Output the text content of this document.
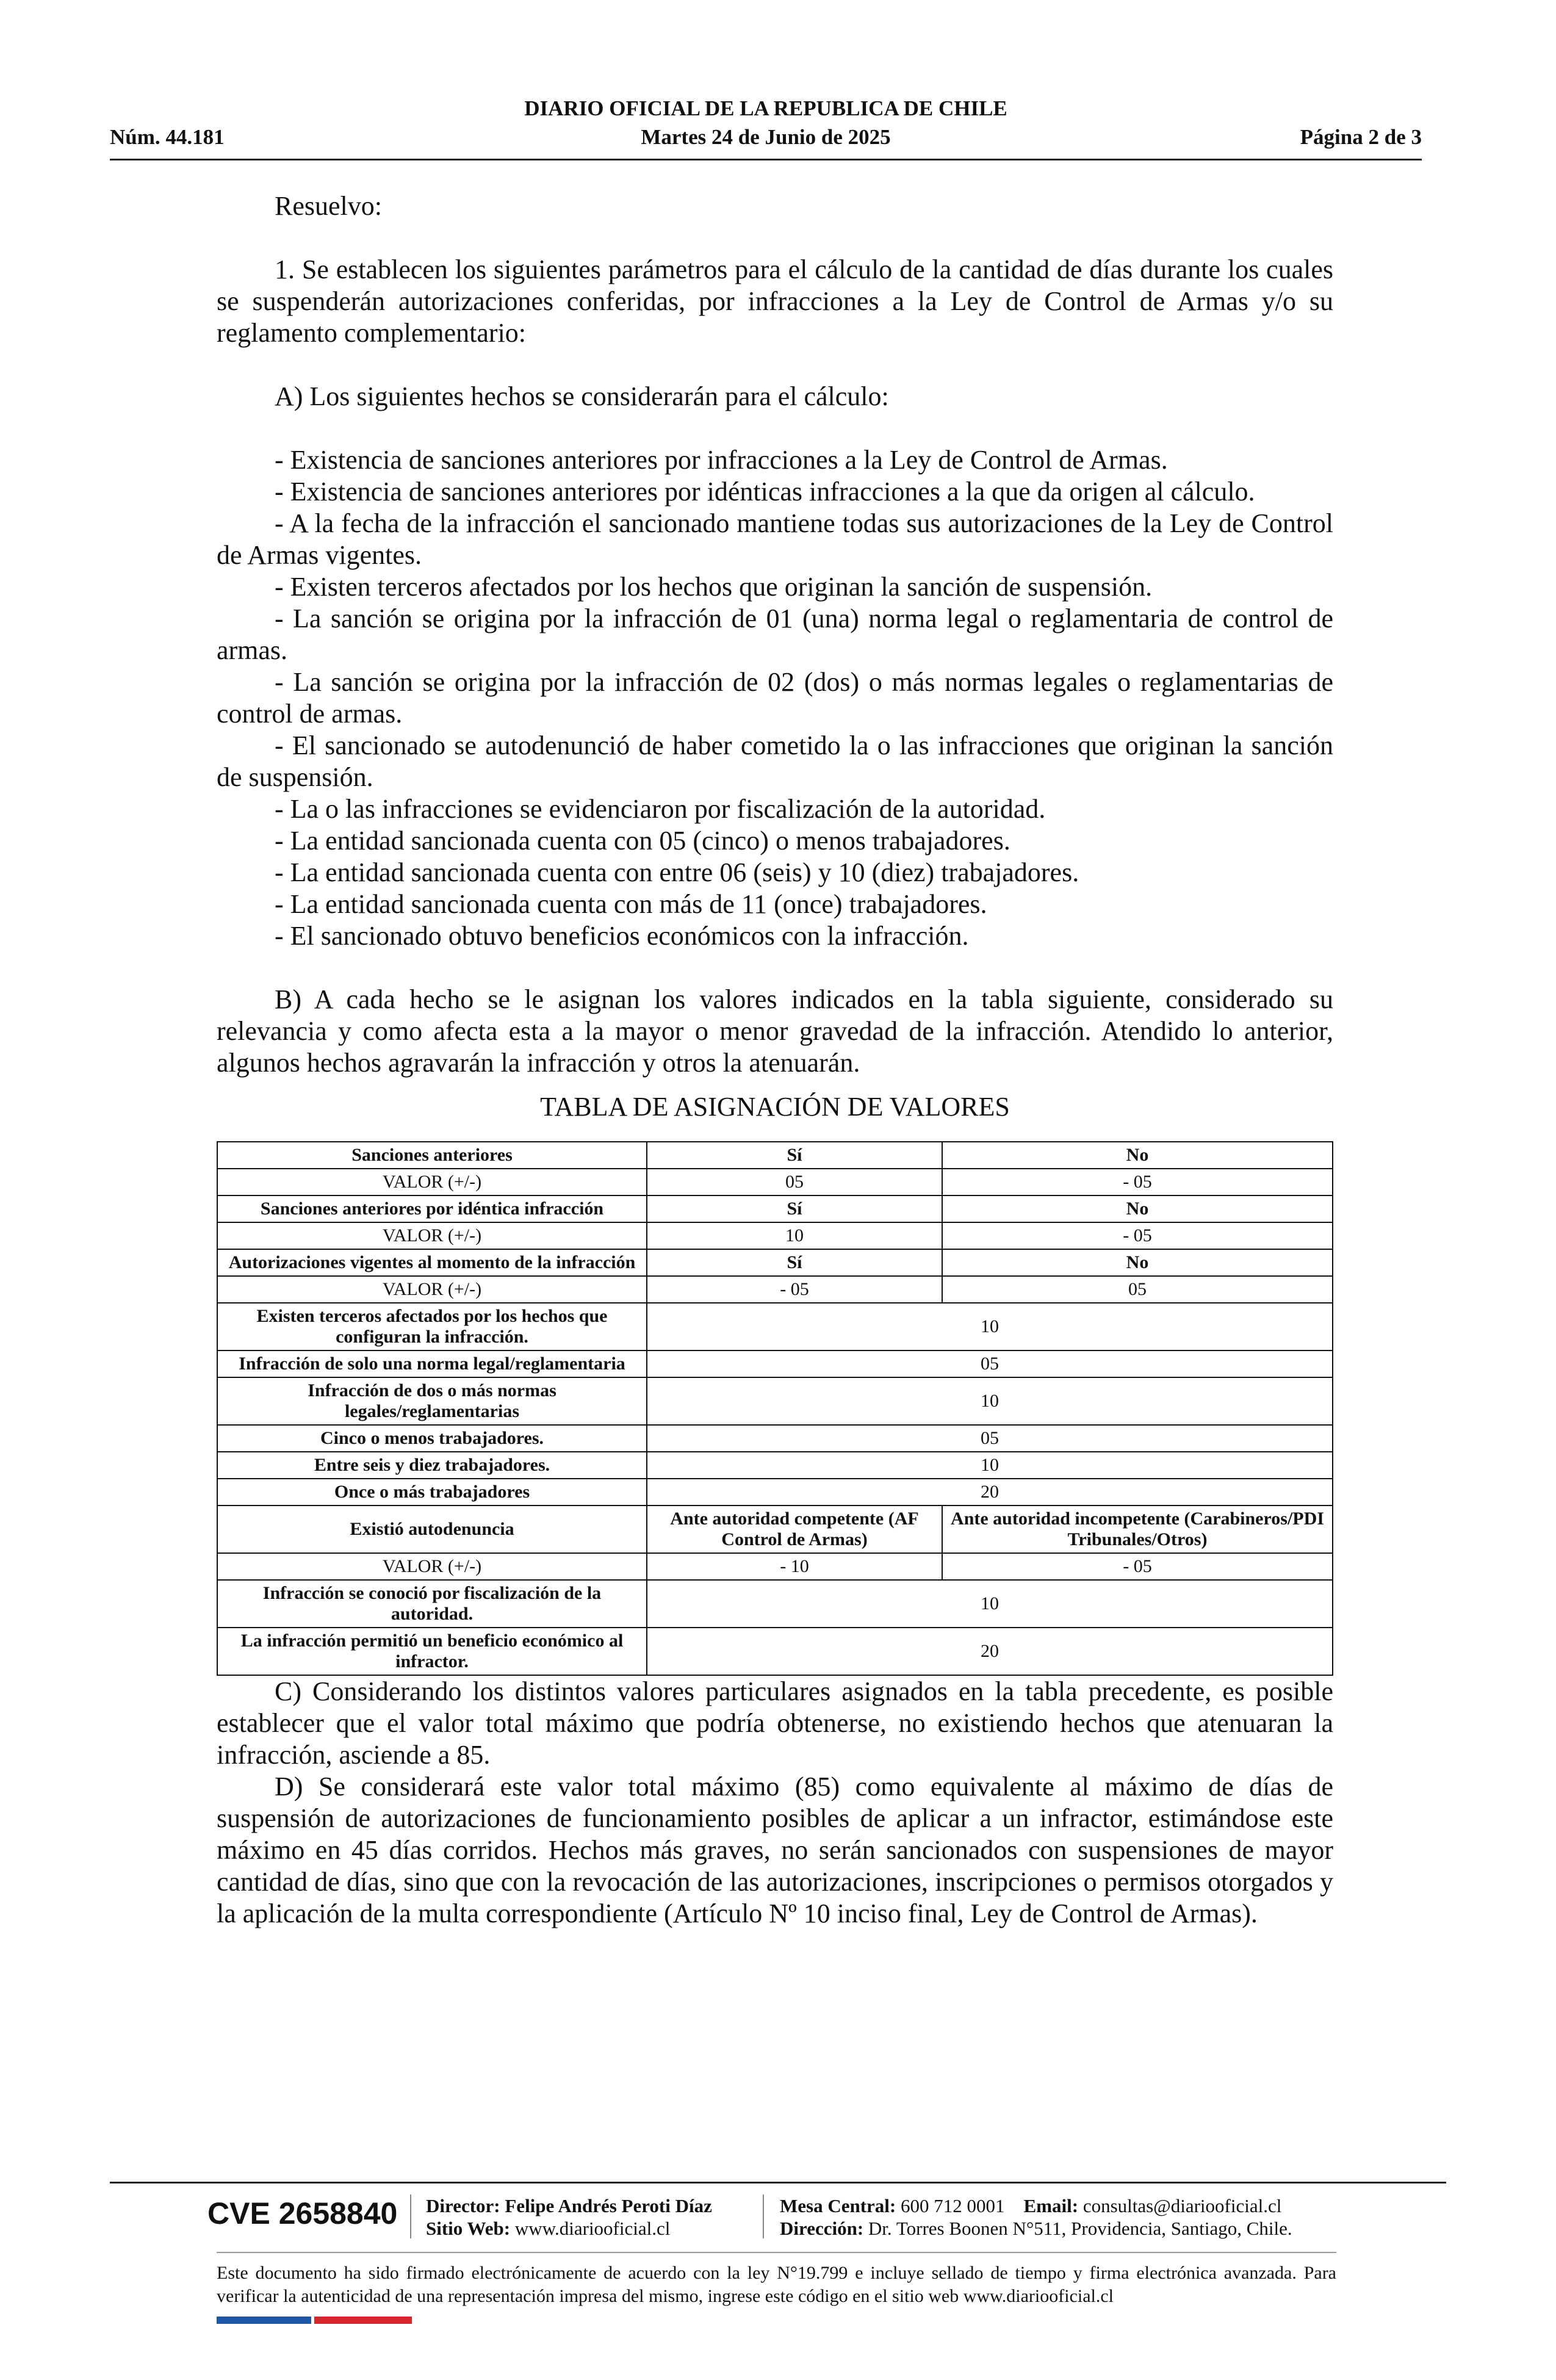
DIARIO OFICIAL DE LA REPUBLICA DE CHILE
Núm. 44.181	Martes 24 de Junio de 2025	Página 2 de 3

Resuelvo:

1. Se establecen los siguientes parámetros para el cálculo de la cantidad de días durante los cuales se suspenderán autorizaciones conferidas, por infracciones a la Ley de Control de Armas y/o su reglamento complementario:

A) Los siguientes hechos se considerarán para el cálculo:

- Existencia de sanciones anteriores por infracciones a la Ley de Control de Armas.

- Existencia de sanciones anteriores por idénticas infracciones a la que da origen al cálculo.

- A la fecha de la infracción el sancionado mantiene todas sus autorizaciones de la Ley de Control de Armas vigentes.

- Existen terceros afectados por los hechos que originan la sanción de suspensión.

- La sanción se origina por la infracción de 01 (una) norma legal o reglamentaria de control de armas.

- La sanción se origina por la infracción de 02 (dos) o más normas legales o reglamentarias de control de armas.

- El sancionado se autodenunció de haber cometido la o las infracciones que originan la sanción de suspensión.

- La o las infracciones se evidenciaron por fiscalización de la autoridad.

- La entidad sancionada cuenta con 05 (cinco) o menos trabajadores.

- La entidad sancionada cuenta con entre 06 (seis) y 10 (diez) trabajadores.

- La entidad sancionada cuenta con más de 11 (once) trabajadores.

- El sancionado obtuvo beneficios económicos con la infracción.

B) A cada hecho se le asignan los valores indicados en la tabla siguiente, considerado su relevancia y como afecta esta a la mayor o menor gravedad de la infracción. Atendido lo anterior, algunos hechos agravarán la infracción y otros la atenuarán.

TABLA DE ASIGNACIÓN DE VALORES
Sanciones anteriores	Sí	No
VALOR (+/-)	05	- 05
Sanciones anteriores por idéntica infracción	Sí	No
VALOR (+/-)	10	- 05
Autorizaciones vigentes al momento de la infracción	Sí	No
VALOR (+/-)	- 05	05
Existen terceros afectados por los hechos que configuran la infracción.	10	
Infracción de solo una norma legal/reglamentaria	05	
Infracción de dos o más normas legales/reglamentarias	10	
Cinco o menos trabajadores.	05	
Entre seis y diez trabajadores.	10	
Once o más trabajadores	20	
Existió autodenuncia	Ante autoridad competente (AF Control de Armas)	Ante autoridad incompetente (Carabineros/PDI Tribunales/Otros)
VALOR (+/-)	- 10	- 05
Infracción se conoció por fiscalización de la autoridad.	10	
La infracción permitió un beneficio económico al infractor.	20	

C) Considerando los distintos valores particulares asignados en la tabla precedente, es posible establecer que el valor total máximo que podría obtenerse, no existiendo hechos que atenuaran la infracción, asciende a 85.

D) Se considerará este valor total máximo (85) como equivalente al máximo de días de suspensión de autorizaciones de funcionamiento posibles de aplicar a un infractor, estimándose este máximo en 45 días corridos. Hechos más graves, no serán sancionados con suspensiones de mayor cantidad de días, sino que con la revocación de las autorizaciones, inscripciones o permisos otorgados y la aplicación de la multa correspondiente (Artículo Nº 10 inciso final, Ley de Control de Armas).

CVE 2658840 Director: Felipe Andrés Peroti Díaz
Sitio Web: www.diariooficial.cl
Mesa Central: 600 712 0001 Email: consultas@diariooficial.cl
Dirección: Dr. Torres Boonen N°511, Providencia, Santiago, Chile.
Este documento ha sido firmado electrónicamente de acuerdo con la ley N°19.799 e incluye sellado de tiempo y firma electrónica avanzada. Para verificar la autenticidad de una representación impresa del mismo, ingrese este código en el sitio web www.diariooficial.cl
